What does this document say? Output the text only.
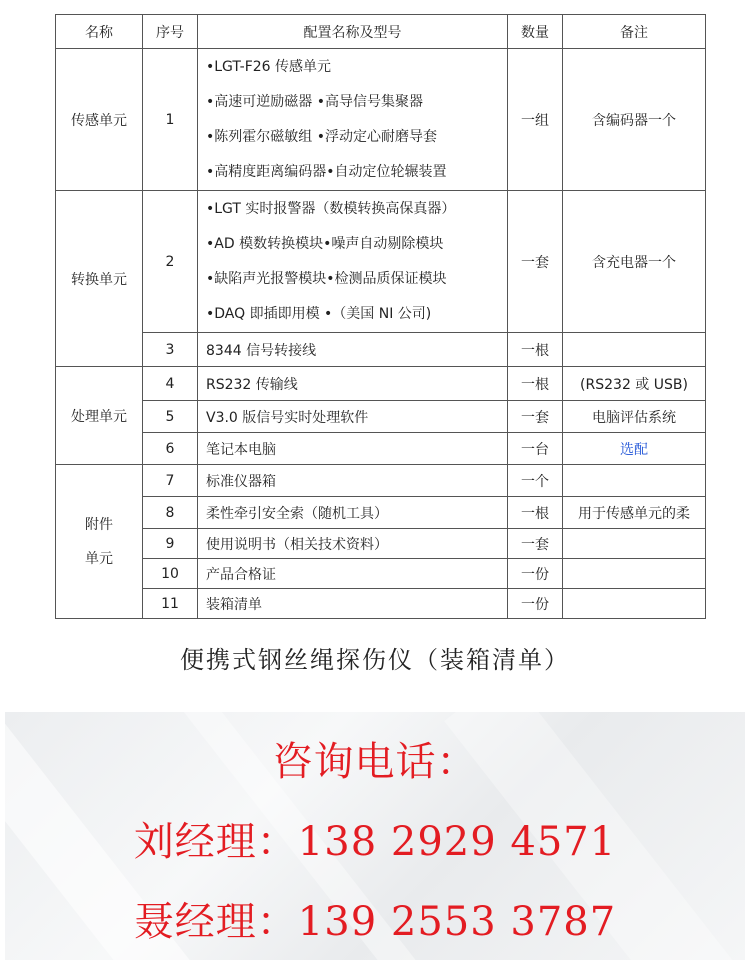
名称	序号	配置名称及型号	数量	备注

传感单元	1	•LGT-F26 传感单元
•高速可逆励磁器 •高导信号集聚器
•陈列霍尔磁敏组 •浮动定心耐磨导套
•高精度距离编码器•自动定位轮辗装置	一组	含编码器一个

转换单元	2	•LGT 实时报警器（数模转换高保真器）
•AD 模数转换模块•噪声自动剔除模块
•缺陷声光报警模块•检测品质保证模块
•DAQ 即插即用模 •（美国 NI 公司)	一套	含充电器一个
	3	8344 信号转接线	一根	

处理单元	4	RS232 传输线	一根	(RS232 或 USB)
	5	V3.0 版信号实时处理软件	一套	电脑评估系统
	6	笔记本电脑	一台	选配

附件
单元	7	标准仪器箱	一个	
	8	柔性牵引安全索（随机工具）	一根	用于传感单元的柔
	9	使用说明书（相关技术资料）	一套	
	10	产品合格证	一份	
	11	装箱清单	一份	
便携式钢丝绳探伤仪（装箱清单）
咨询电话：
刘经理：138 2929 4571
聂经理：139 2553 3787
